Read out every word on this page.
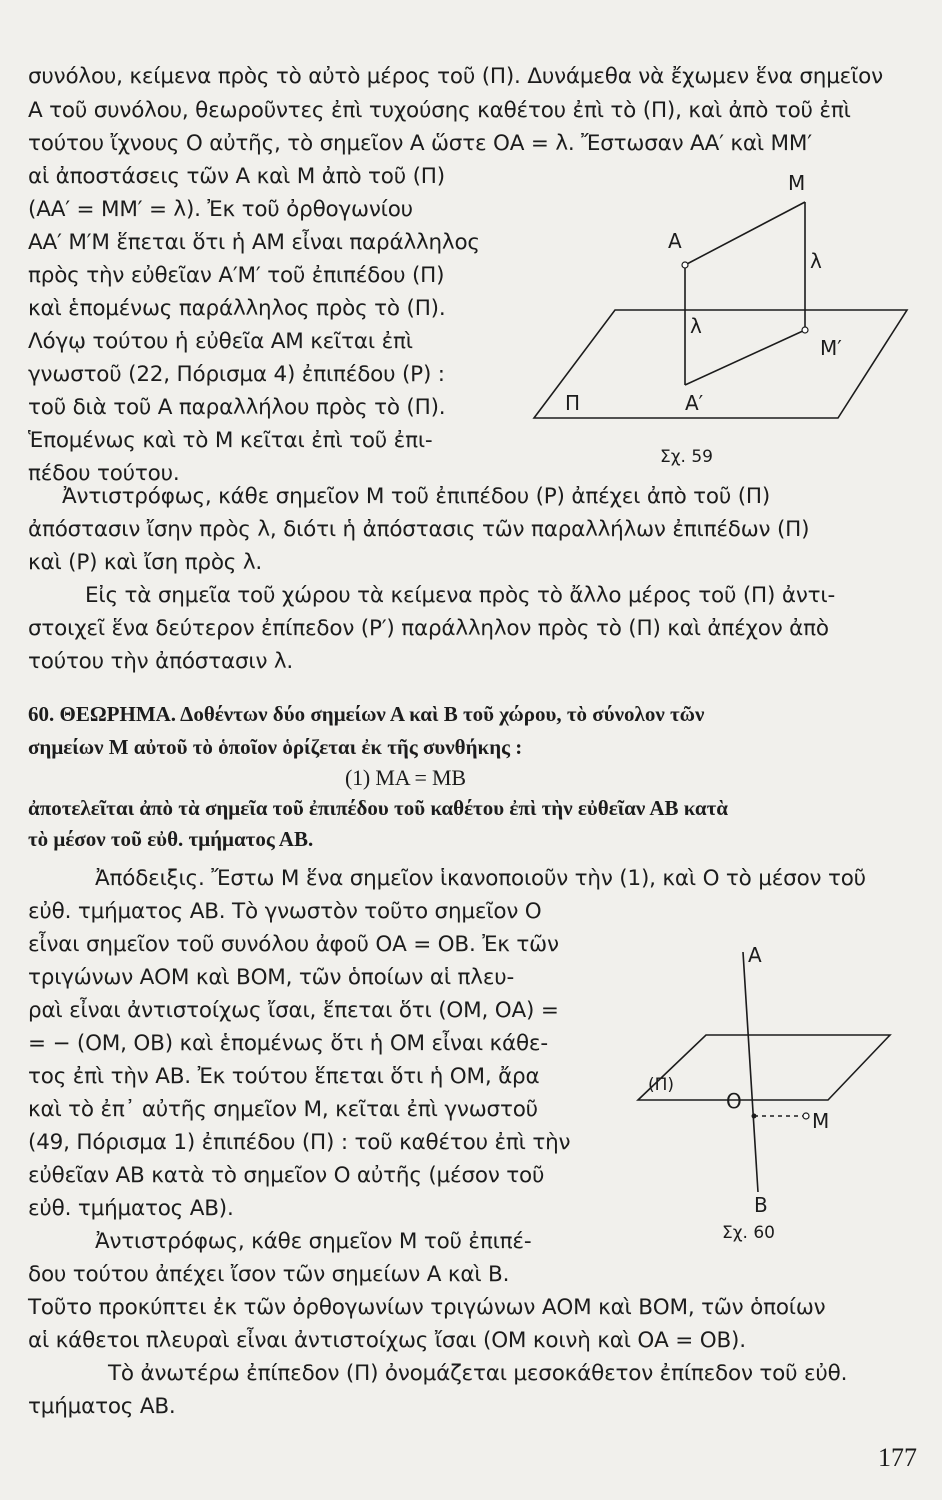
συνόλου, κείμενα πρὸς τὸ αὐτὸ μέρος τοῦ (Π). Δυνάμεθα νὰ ἔχωμεν ἕνα σημεῖον

Α τοῦ συνόλου, θεωροῦντες ἐπὶ τυχούσης καθέτου ἐπὶ τὸ (Π), καὶ ἀπὸ τοῦ ἐπὶ

τούτου ἴχνους Ο αὐτῆς, τὸ σημεῖον Α ὥστε ΟΑ = λ. Ἔστωσαν ΑΑ′ καὶ ΜΜ′

αἱ ἀποστάσεις τῶν Α καὶ Μ ἀπὸ τοῦ (Π)

(ΑΑ′ = ΜΜ′ = λ). Ἐκ τοῦ ὀρθογωνίου

ΑΑ′ Μ′Μ ἕπεται ὅτι ἡ ΑΜ εἶναι παράλληλος

πρὸς τὴν εὐθεῖαν Α′Μ′ τοῦ ἐπιπέδου (Π)

καὶ ἑπομένως παράλληλος πρὸς τὸ (Π).

Λόγῳ τούτου ἡ εὐθεῖα ΑΜ κεῖται ἐπὶ

γνωστοῦ (22, Πόρισμα 4) ἐπιπέδου (Ρ) :

τοῦ διὰ τοῦ Α παραλλήλου πρὸς τὸ (Π).

Ἑπομένως καὶ τὸ Μ κεῖται ἐπὶ τοῦ ἐπι-

πέδου τούτου.

Μ
Α
λ
λ
Μ′
Π	Α′
Σχ. 59

Ἀντιστρόφως, κάθε σημεῖον Μ τοῦ ἐπιπέδου (Ρ) ἀπέχει ἀπὸ τοῦ (Π)

ἀπόστασιν ἴσην πρὸς λ, διότι ἡ ἀπόστασις τῶν παραλλήλων ἐπιπέδων (Π)

καὶ (Ρ) καὶ ἴση πρὸς λ.

Εἰς τὰ σημεῖα τοῦ χώρου τὰ κείμενα πρὸς τὸ ἄλλο μέρος τοῦ (Π) ἀντι-

στοιχεῖ ἕνα δεύτερον ἐπίπεδον (Ρ′) παράλληλον πρὸς τὸ (Π) καὶ ἀπέχον ἀπὸ

τούτου τὴν ἀπόστασιν λ.

60. ΘΕΩΡΗΜΑ. Δοθέντων δύο σημείων Α καὶ Β τοῦ χώρου, τὸ σύνολον τῶν

σημείων Μ αὐτοῦ τὸ ὁποῖον ὁρίζεται ἐκ τῆς συνθήκης :

(1) ΜΑ = ΜΒ

ἀποτελεῖται ἀπὸ τὰ σημεῖα τοῦ ἐπιπέδου τοῦ καθέτου ἐπὶ τὴν εὐθεῖαν ΑΒ κατὰ

τὸ μέσον τοῦ εὐθ. τμήματος ΑΒ.

Ἀπόδειξις. Ἔστω Μ ἕνα σημεῖον ἱκανοποιοῦν τὴν (1), καὶ Ο τὸ μέσον τοῦ

εὐθ. τμήματος ΑΒ. Τὸ γνωστὸν τοῦτο σημεῖον Ο

εἶναι σημεῖον τοῦ συνόλου ἀφοῦ ΟΑ = ΟΒ. Ἐκ τῶν

τριγώνων ΑΟΜ καὶ ΒΟΜ, τῶν ὁποίων αἱ πλευ-

ραὶ εἶναι ἀντιστοίχως ἴσαι, ἕπεται ὅτι (ΟΜ, ΟΑ) =

= − (ΟΜ, ΟΒ) καὶ ἑπομένως ὅτι ἡ ΟΜ εἶναι κάθε-

τος ἐπὶ τὴν ΑΒ. Ἐκ τούτου ἕπεται ὅτι ἡ ΟΜ, ἄρα

καὶ τὸ ἐπ᾽ αὐτῆς σημεῖον Μ, κεῖται ἐπὶ γνωστοῦ

(49, Πόρισμα 1) ἐπιπέδου (Π) : τοῦ καθέτου ἐπὶ τὴν

εὐθεῖαν ΑΒ κατὰ τὸ σημεῖον Ο αὐτῆς (μέσον τοῦ

εὐθ. τμήματος ΑΒ).

Α
Ο
Μ
(Π)
Β
Σχ. 60

Ἀντιστρόφως, κάθε σημεῖον Μ τοῦ ἐπιπέ-

δου τούτου ἀπέχει ἴσον τῶν σημείων Α καὶ Β.

Τοῦτο προκύπτει ἐκ τῶν ὀρθογωνίων τριγώνων ΑΟΜ καὶ ΒΟΜ, τῶν ὁποίων

αἱ κάθετοι πλευραὶ εἶναι ἀντιστοίχως ἴσαι (ΟΜ κοινὴ καὶ ΟΑ = ΟΒ).

Τὸ ἀνωτέρω ἐπίπεδον (Π) ὀνομάζεται μεσοκάθετον ἐπίπεδον τοῦ εὐθ.

τμήματος ΑΒ.

177
